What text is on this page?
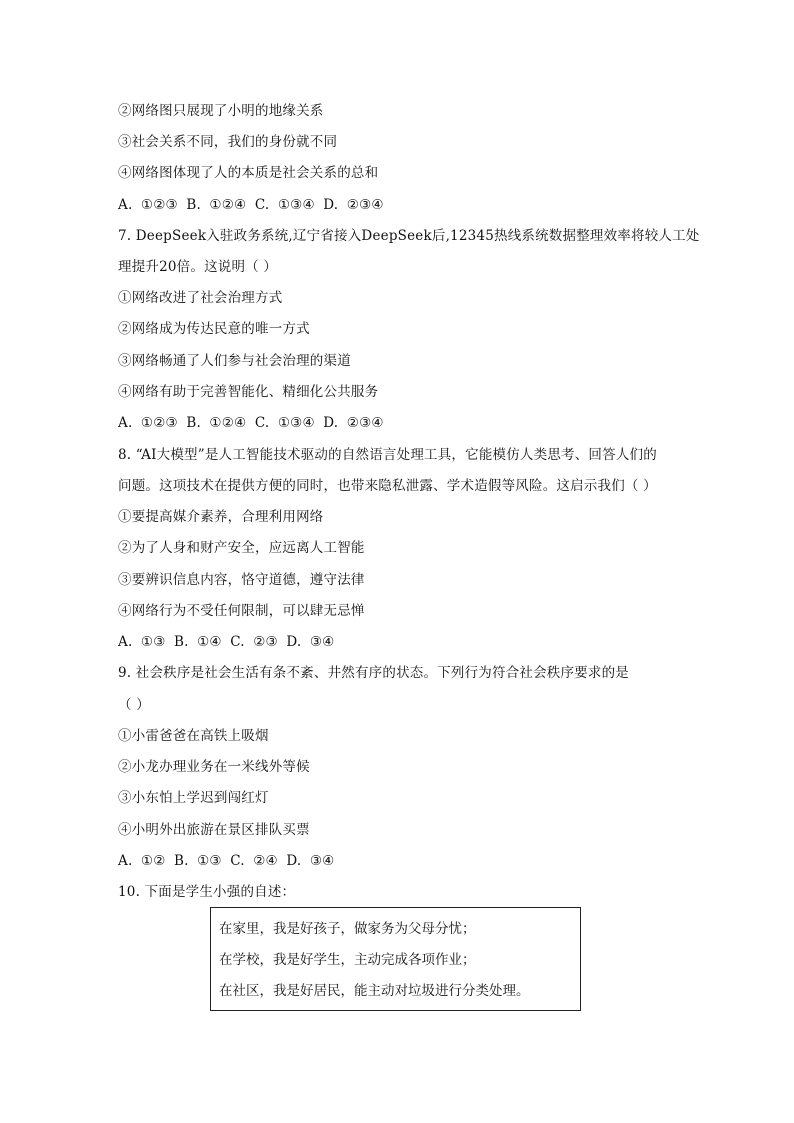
②网络图只展现了小明的地缘关系
③社会关系不同，我们的身份就不同
④网络图体现了人的本质是社会关系的总和
A. ①②③ B. ①②④ C. ①③④ D. ②③④
7. DeepSeek入驻政务系统,辽宁省接入DeepSeek后,12345热线系统数据整理效率将较人工处
理提升20倍。这说明（ ）
①网络改进了社会治理方式
②网络成为传达民意的唯一方式
③网络畅通了人们参与社会治理的渠道
④网络有助于完善智能化、精细化公共服务
A. ①②③ B. ①②④ C. ①③④ D. ②③④
8. “AI大模型”是人工智能技术驱动的自然语言处理工具，它能模仿人类思考、回答人们的
问题。这项技术在提供方便的同时，也带来隐私泄露、学术造假等风险。这启示我们（ ）
①要提高媒介素养，合理利用网络
②为了人身和财产安全，应远离人工智能
③要辨识信息内容，恪守道德，遵守法律
④网络行为不受任何限制，可以肆无忌惮
A. ①③ B. ①④ C. ②③ D. ③④
9. 社会秩序是社会生活有条不紊、井然有序的状态。下列行为符合社会秩序要求的是
（ ）
①小雷爸爸在高铁上吸烟
②小龙办理业务在一米线外等候
③小东怕上学迟到闯红灯
④小明外出旅游在景区排队买票
A. ①② B. ①③ C. ②④ D. ③④
10. 下面是学生小强的自述：
在家里，我是好孩子，做家务为父母分忧；
在学校，我是好学生，主动完成各项作业；
在社区，我是好居民，能主动对垃圾进行分类处理。
